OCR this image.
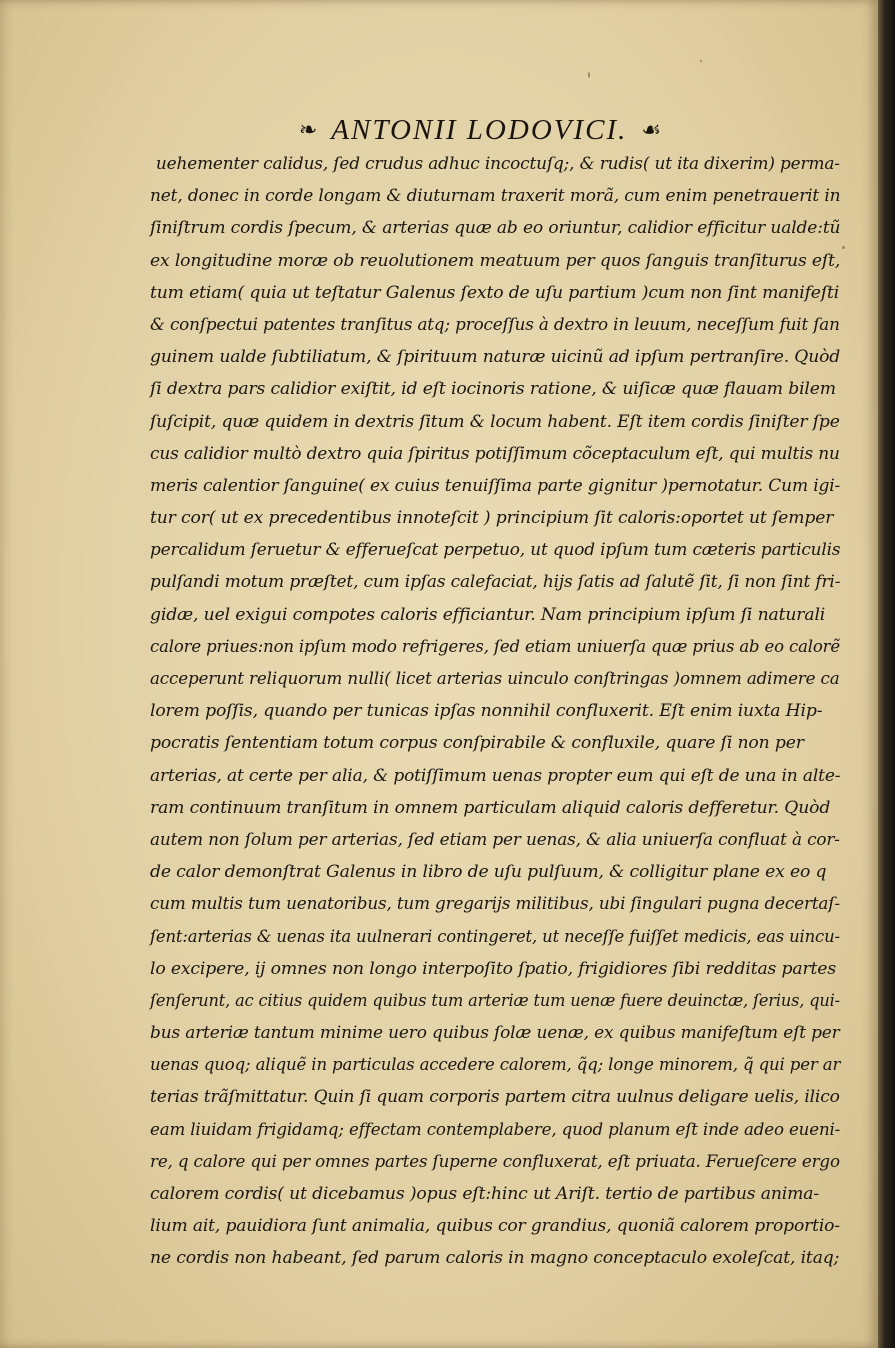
❧ ANTONII LODOVICI. ☙
uehementer calidus, ſed crudus adhuc incoctuſq;, & rudis( ut ita dixerim) perma-
net, donec in corde longam & diuturnam traxerit morã, cum enim penetrauerit in
ſiniſtrum cordis ſpecum, & arterias quæ ab eo oriuntur, calidior efficitur ualde:tũ
ex longitudine moræ ob reuolutionem meatuum per quos ſanguis tranſiturus eſt,
tum etiam( quia ut teſtatur Galenus ſexto de uſu partium )cum non ſint manifeſti
& conſpectui patentes tranſitus atq; proceſſus à dextro in leuum, neceſſum fuit ſan
guinem ualde ſubtiliatum, & ſpirituum naturæ uicinũ ad ipſum pertranſire. Quòd
ſi dextra pars calidior exiſtit, id eſt iocinoris ratione, & uiſicæ quæ flauam bilem
ſuſcipit, quæ quidem in dextris ſitum & locum habent. Eſt item cordis ſiniſter ſpe
cus calidior multò dextro quia ſpiritus potiſſimum cõceptaculum eſt, qui multis nu
meris calentior ſanguine( ex cuius tenuiſſima parte gignitur )pernotatur. Cum igi-
tur cor( ut ex precedentibus innoteſcit ) principium ſit caloris:oportet ut ſemper
percalidum ſeruetur & efferueſcat perpetuo, ut quod ipſum tum cæteris particulis
pulſandi motum præſtet, cum ipſas calefaciat, hijs ſatis ad ſalutẽ ſit, ſi non ſint fri-
gidæ, uel exigui compotes caloris efficiantur. Nam principium ipſum ſi naturali
calore priues:non ipſum modo refrigeres, ſed etiam uniuerſa quæ prius ab eo calorẽ
acceperunt reliquorum nulli( licet arterias uinculo conſtringas )omnem adimere ca
lorem poſſis, quando per tunicas ipſas nonnihil confluxerit. Eſt enim iuxta Hip-
pocratis ſententiam totum corpus conſpirabile & confluxile, quare ſi non per
arterias, at certe per alia, & potiſſimum uenas propter eum qui eſt de una in alte-
ram continuum tranſitum in omnem particulam aliquid caloris defferetur. Quòd
autem non ſolum per arterias, ſed etiam per uenas, & alia uniuerſa confluat à cor-
de calor demonſtrat Galenus in libro de uſu pulſuum, & colligitur plane ex eo q
cum multis tum uenatoribus, tum gregarijs militibus, ubi ſingulari pugna decertaſ-
ſent:arterias & uenas ita uulnerari contingeret, ut neceſſe fuiſſet medicis, eas uincu-
lo excipere, ij omnes non longo interpoſito ſpatio, frigidiores ſibi redditas partes
ſenſerunt, ac citius quidem quibus tum arteriæ tum uenæ fuere deuinctæ, ſerius, qui-
bus arteriæ tantum minime uero quibus ſolæ uenæ, ex quibus manifeſtum eſt per
uenas quoq; aliquẽ in particulas accedere calorem, q̃q; longe minorem, q̃ qui per ar
terias trãſmittatur. Quin ſi quam corporis partem citra uulnus deligare uelis, ilico
eam liuidam frigidamq; effectam contemplabere, quod planum eſt inde adeo eueni-
re, q calore qui per omnes partes ſuperne confluxerat, eſt priuata. Ferueſcere ergo
calorem cordis( ut dicebamus )opus eſt:hinc ut Ariſt. tertio de partibus anima-
lium ait, pauidiora ſunt animalia, quibus cor grandius, quoniã calorem proportio-
ne cordis non habeant, ſed parum caloris in magno conceptaculo exoleſcat, itaq;
